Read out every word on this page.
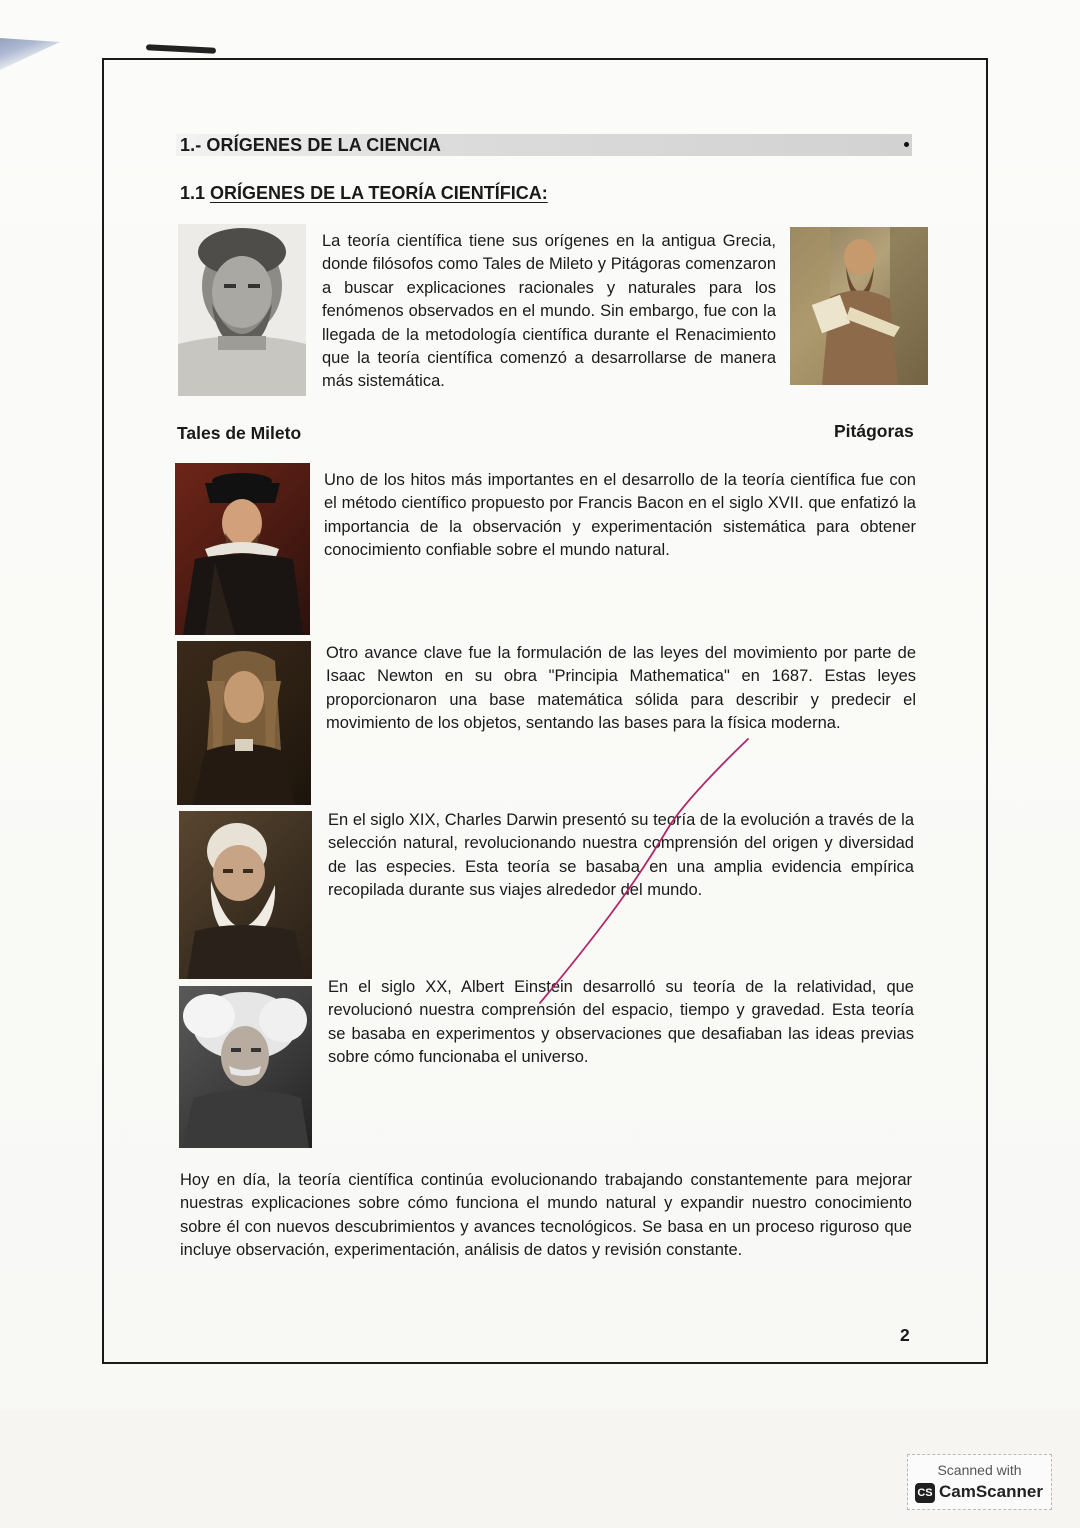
1.- ORÍGENES DE LA CIENCIA
1.1 ORÍGENES DE LA TEORÍA CIENTÍFICA:
La teoría científica tiene sus orígenes en la antigua Grecia, donde filósofos como Tales de Mileto y Pitágoras comenzaron a buscar explicaciones racionales y naturales para los fenómenos observados en el mundo. Sin embargo, fue con la llegada de la metodología científica durante el Renacimiento que la teoría científica comenzó a desarrollarse de manera más sistemática.
Tales de Mileto	Pitágoras
Uno de los hitos más importantes en el desarrollo de la teoría científica fue con el método científico propuesto por Francis Bacon en el siglo XVII. que enfatizó la importancia de la observación y experimentación sistemática para obtener conocimiento confiable sobre el mundo natural.
Otro avance clave fue la formulación de las leyes del movimiento por parte de Isaac Newton en su obra "Principia Mathematica" en 1687. Estas leyes proporcionaron una base matemática sólida para describir y predecir el movimiento de los objetos, sentando las bases para la física moderna.
En el siglo XIX, Charles Darwin presentó su teoría de la evolución a través de la selección natural, revolucionando nuestra comprensión del origen y diversidad de las especies. Esta teoría se basaba en una amplia evidencia empírica recopilada durante sus viajes alrededor del mundo.
En el siglo XX, Albert Einstein desarrolló su teoría de la relatividad, que revolucionó nuestra comprensión del espacio, tiempo y gravedad. Esta teoría se basaba en experimentos y observaciones que desafiaban las ideas previas sobre cómo funcionaba el universo.
Hoy en día, la teoría científica continúa evolucionando trabajando constantemente para mejorar nuestras explicaciones sobre cómo funciona el mundo natural y expandir nuestro conocimiento sobre él con nuevos descubrimientos y avances tecnológicos. Se basa en un proceso riguroso que incluye observación, experimentación, análisis de datos y revisión constante.
2
Scanned with
CS CamScanner
